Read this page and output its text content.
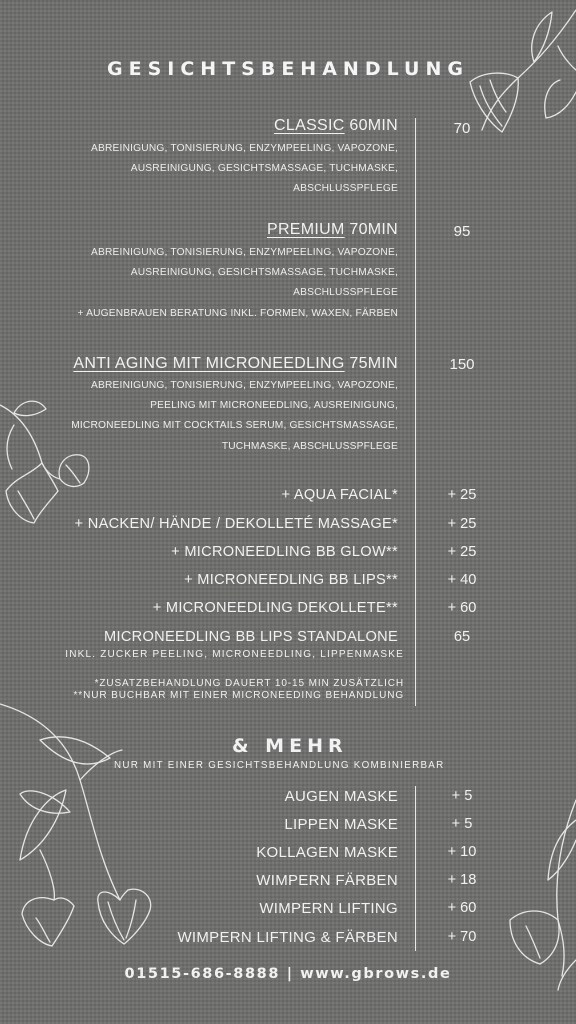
GESICHTSBEHANDLUNG
CLASSIC 60MIN	70
ABREINIGUNG, TONISIERUNG, ENZYMPEELING, VAPOZONE,
AUSREINIGUNG, GESICHTSMASSAGE, TUCHMASKE,
ABSCHLUSSPFLEGE
PREMIUM 70MIN	95
ABREINIGUNG, TONISIERUNG, ENZYMPEELING, VAPOZONE,
AUSREINIGUNG, GESICHTSMASSAGE, TUCHMASKE,
ABSCHLUSSPFLEGE
+ AUGENBRAUEN BERATUNG INKL. FORMEN, WAXEN, FÄRBEN
ANTI AGING MIT MICRONEEDLING 75MIN	150
ABREINIGUNG, TONISIERUNG, ENZYMPEELING, VAPOZONE,
PEELING MIT MICRONEEDLING, AUSREINIGUNG,
MICRONEEDLING MIT COCKTAILS SERUM, GESICHTSMASSAGE,
TUCHMASKE, ABSCHLUSSPFLEGE
+ AQUA FACIAL*	+ 25
+ NACKEN/ HÄNDE / DEKOLLETÉ MASSAGE*	+ 25
+ MICRONEEDLING BB GLOW**	+ 25
+ MICRONEEDLING BB LIPS**	+ 40
+ MICRONEEDLING DEKOLLETE**	+ 60
MICRONEEDLING BB LIPS STANDALONE	65
INKL. ZUCKER PEELING, MICRONEEDLING, LIPPENMASKE
*ZUSATZBEHANDLUNG DAUERT 10-15 MIN ZUSÄTZLICH
**NUR BUCHBAR MIT EINER MICRONEEDING BEHANDLUNG
& MEHR
NUR MIT EINER GESICHTSBEHANDLUNG KOMBINIERBAR
AUGEN MASKE	+ 5
LIPPEN MASKE	+ 5
KOLLAGEN MASKE	+ 10
WIMPERN FÄRBEN	+ 18
WIMPERN LIFTING	+ 60
WIMPERN LIFTING & FÄRBEN	+ 70
01515-686-8888 | www.gbrows.de
